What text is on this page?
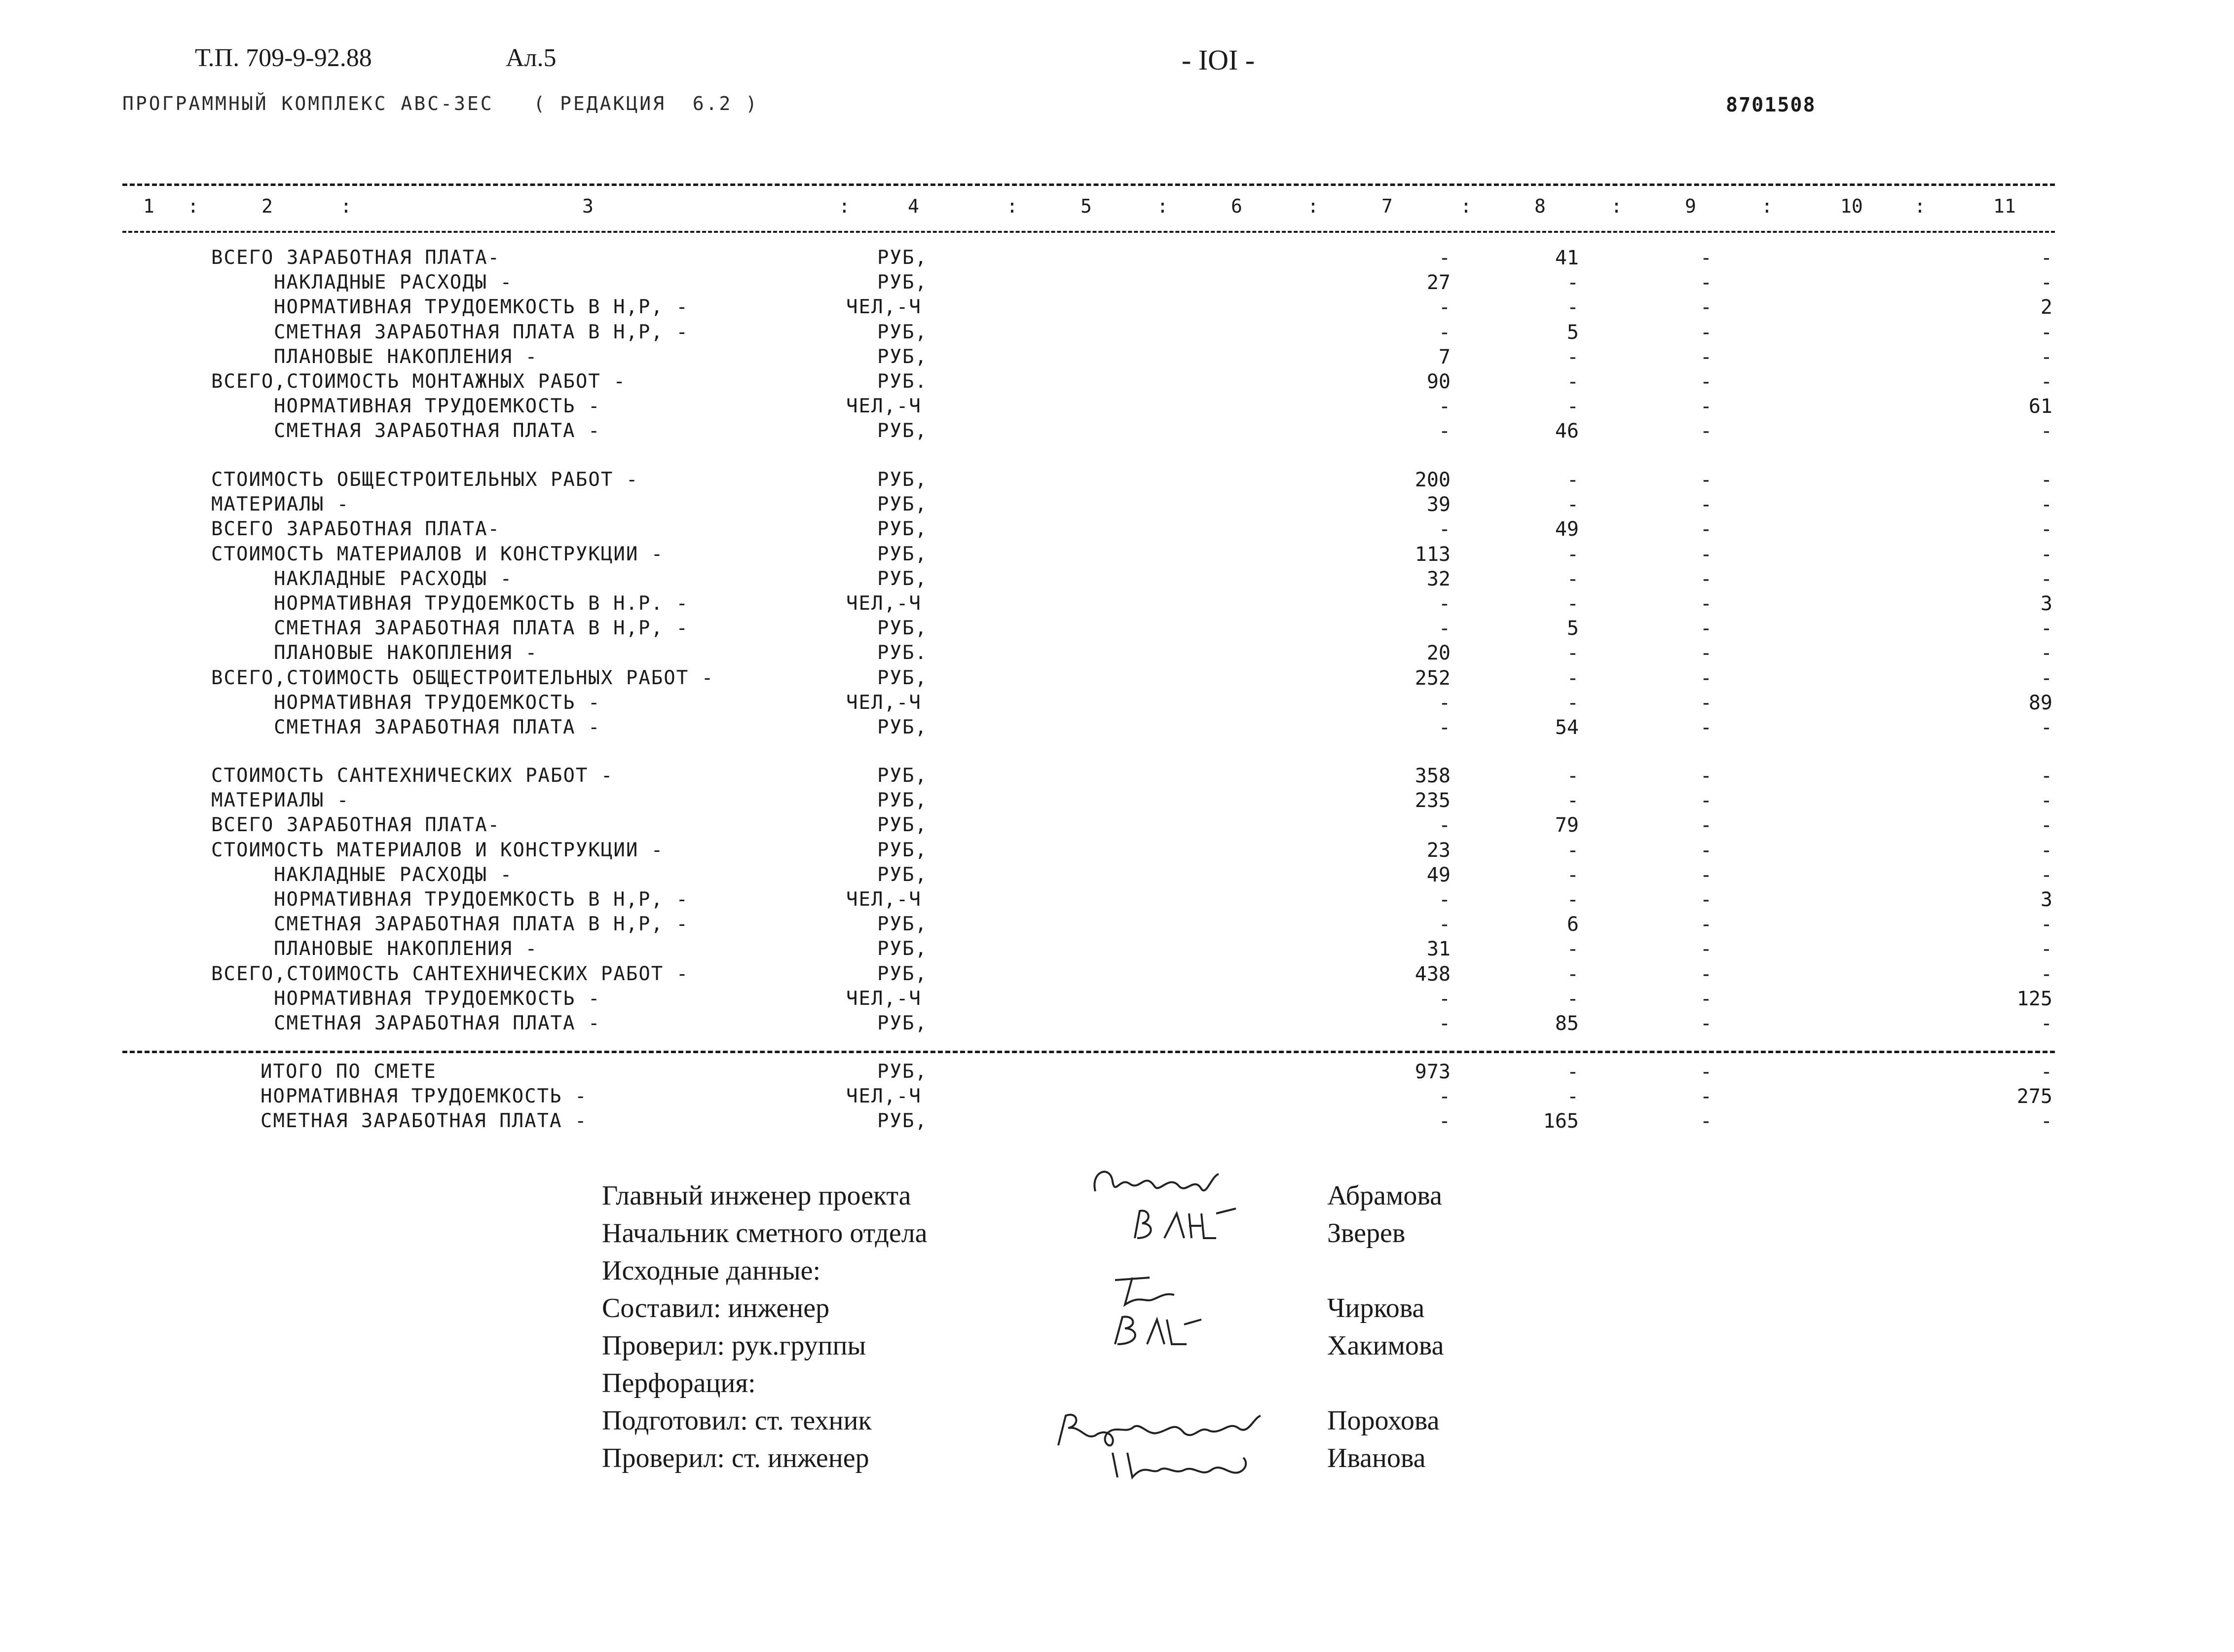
Т.П. 709-9-92.88	Ал.5	- IOI -
ПРОГРАММНЫЙ КОМПЛЕКС АВС-ЗЕС   ( РЕДАКЦИЯ  6.2 )	8701508
1	2	3	4	5	6	7	8	9	10	11
:	:	:	:	:	:	:	:	:	:
ВСЕГО ЗАРАБОТНАЯ ПЛАТА-	РУБ,	-	41	-	-
НАКЛАДНЫЕ РАСХОДЫ -	РУБ,	27	-	-	-
НОРМАТИВНАЯ ТРУДОЕМКОСТЬ В Н,Р, -	ЧЕЛ,-Ч	-	-	-	2
СМЕТНАЯ ЗАРАБОТНАЯ ПЛАТА В Н,Р, -	РУБ,	-	5	-	-
ПЛАНОВЫЕ НАКОПЛЕНИЯ -	РУБ,	7	-	-	-
ВСЕГО,СТОИМОСТЬ МОНТАЖНЫХ РАБОТ -	РУБ.	90	-	-	-
НОРМАТИВНАЯ ТРУДОЕМКОСТЬ -	ЧЕЛ,-Ч	-	-	-	61
СМЕТНАЯ ЗАРАБОТНАЯ ПЛАТА -	РУБ,	-	46	-	-
СТОИМОСТЬ ОБЩЕСТРОИТЕЛЬНЫХ РАБОТ -	РУБ,	200	-	-	-
МАТЕРИАЛЫ -	РУБ,	39	-	-	-
ВСЕГО ЗАРАБОТНАЯ ПЛАТА-	РУБ,	-	49	-	-
СТОИМОСТЬ МАТЕРИАЛОВ И КОНСТРУКЦИИ -	РУБ,	113	-	-	-
НАКЛАДНЫЕ РАСХОДЫ -	РУБ,	32	-	-	-
НОРМАТИВНАЯ ТРУДОЕМКОСТЬ В Н.Р. -	ЧЕЛ,-Ч	-	-	-	3
СМЕТНАЯ ЗАРАБОТНАЯ ПЛАТА В Н,Р, -	РУБ,	-	5	-	-
ПЛАНОВЫЕ НАКОПЛЕНИЯ -	РУБ.	20	-	-	-
ВСЕГО,СТОИМОСТЬ ОБЩЕСТРОИТЕЛЬНЫХ РАБОТ -	РУБ,	252	-	-	-
НОРМАТИВНАЯ ТРУДОЕМКОСТЬ -	ЧЕЛ,-Ч	-	-	-	89
СМЕТНАЯ ЗАРАБОТНАЯ ПЛАТА -	РУБ,	-	54	-	-
СТОИМОСТЬ САНТЕХНИЧЕСКИХ РАБОТ -	РУБ,	358	-	-	-
МАТЕРИАЛЫ -	РУБ,	235	-	-	-
ВСЕГО ЗАРАБОТНАЯ ПЛАТА-	РУБ,	-	79	-	-
СТОИМОСТЬ МАТЕРИАЛОВ И КОНСТРУКЦИИ -	РУБ,	23	-	-	-
НАКЛАДНЫЕ РАСХОДЫ -	РУБ,	49	-	-	-
НОРМАТИВНАЯ ТРУДОЕМКОСТЬ В Н,Р, -	ЧЕЛ,-Ч	-	-	-	3
СМЕТНАЯ ЗАРАБОТНАЯ ПЛАТА В Н,Р, -	РУБ,	-	6	-	-
ПЛАНОВЫЕ НАКОПЛЕНИЯ -	РУБ,	31	-	-	-
ВСЕГО,СТОИМОСТЬ САНТЕХНИЧЕСКИХ РАБОТ -	РУБ,	438	-	-	-
НОРМАТИВНАЯ ТРУДОЕМКОСТЬ -	ЧЕЛ,-Ч	-	-	-	125
СМЕТНАЯ ЗАРАБОТНАЯ ПЛАТА -	РУБ,	-	85	-	-
ИТОГО ПО СМЕТЕ	РУБ,	973	-	-	-
НОРМАТИВНАЯ ТРУДОЕМКОСТЬ -	ЧЕЛ,-Ч	-	-	-	275
СМЕТНАЯ ЗАРАБОТНАЯ ПЛАТА -	РУБ,	-	165	-	-
Главный инженер проекта	Абрамова
Начальник сметного отдела	Зверев
Исходные данные:
Составил: инженер	Чиркова
Проверил: рук.группы	Хакимова
Перфорация:
Подготовил: ст. техник	Порохова
Проверил: ст. инженер	Иванова
